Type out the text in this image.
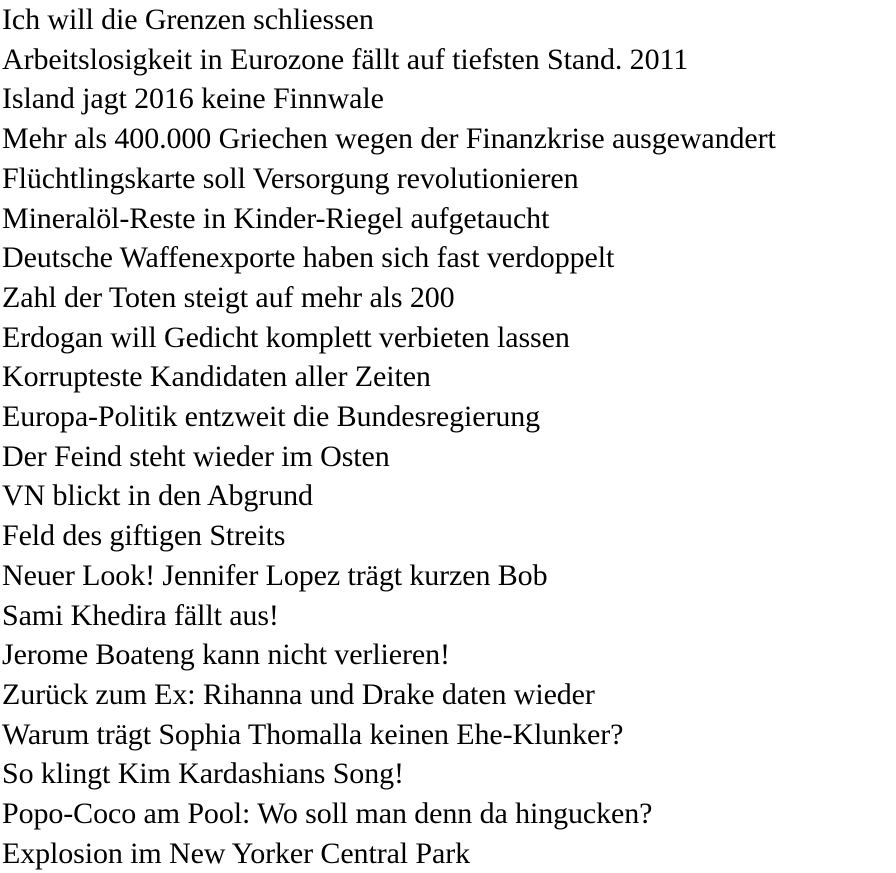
Ich will die Grenzen schliessen
Arbeitslosigkeit in Eurozone fällt auf tiefsten Stand. 2011
Island jagt 2016 keine Finnwale
Mehr als 400.000 Griechen wegen der Finanzkrise ausgewandert
Flüchtlingskarte soll Versorgung revolutionieren
Mineralöl-Reste in Kinder-Riegel aufgetaucht
Deutsche Waffenexporte haben sich fast verdoppelt
Zahl der Toten steigt auf mehr als 200
Erdogan will Gedicht komplett verbieten lassen
Korrupteste Kandidaten aller Zeiten
Europa-Politik entzweit die Bundesregierung
Der Feind steht wieder im Osten
VN blickt in den Abgrund
Feld des giftigen Streits
Neuer Look! Jennifer Lopez trägt kurzen Bob
Sami Khedira fällt aus!
Jerome Boateng kann nicht verlieren!
Zurück zum Ex: Rihanna und Drake daten wieder
Warum trägt Sophia Thomalla keinen Ehe-Klunker?
So klingt Kim Kardashians Song!
Popo-Coco am Pool: Wo soll man denn da hingucken?
Explosion im New Yorker Central Park
